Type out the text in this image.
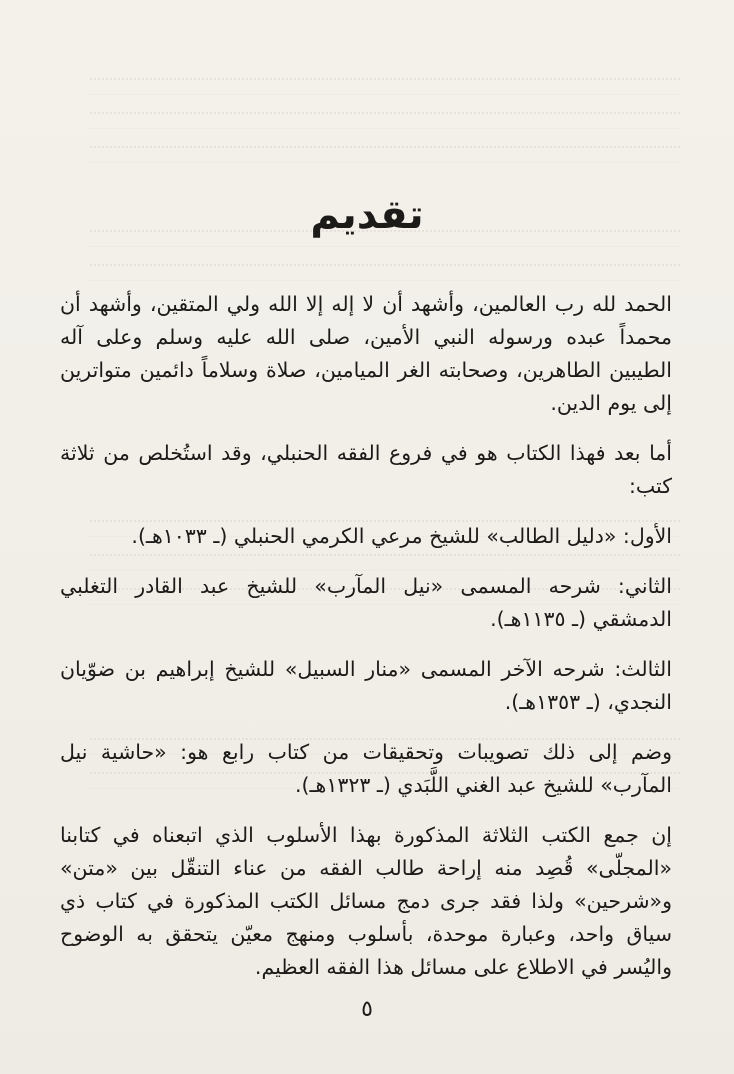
تقديم

الحمد لله رب العالمين، وأشهد أن لا إله إلا الله ولي المتقين، وأشهد أن محمداً عبده ورسوله النبي الأمين، صلى الله عليه وسلم وعلى آله الطيبين الطاهرين، وصحابته الغر الميامين، صلاة وسلاماً دائمين متواترين إلى يوم الدين.

أما بعد فهذا الكتاب هو في فروع الفقه الحنبلي، وقد استُخلص من ثلاثة كتب:

الأول: «دليل الطالب» للشيخ مرعي الكرمي الحنبلي (ـ ١٠٣٣هـ).

الثاني: شرحه المسمى «نيل المآرب» للشيخ عبد القادر التغلبي الدمشقي (ـ ١١٣٥هـ).

الثالث: شرحه الآخر المسمى «منار السبيل» للشيخ إبراهيم بن ضوّيان النجدي، (ـ ١٣٥٣هـ).

وضم إلى ذلك تصويبات وتحقيقات من كتاب رابع هو: «حاشية نيل المآرب» للشيخ عبد الغني اللَّبَدي (ـ ١٣٢٣هـ).

إن جمع الكتب الثلاثة المذكورة بهذا الأسلوب الذي اتبعناه في كتابنا «المجلّى» قُصِد منه إراحة طالب الفقه من عناء التنقّل بين «متن» و«شرحين» ولذا فقد جرى دمج مسائل الكتب المذكورة في كتاب ذي سياق واحد، وعبارة موحدة، بأسلوب ومنهج معيّن يتحقق به الوضوح واليُسر في الاطلاع على مسائل هذا الفقه العظيم.

٥
